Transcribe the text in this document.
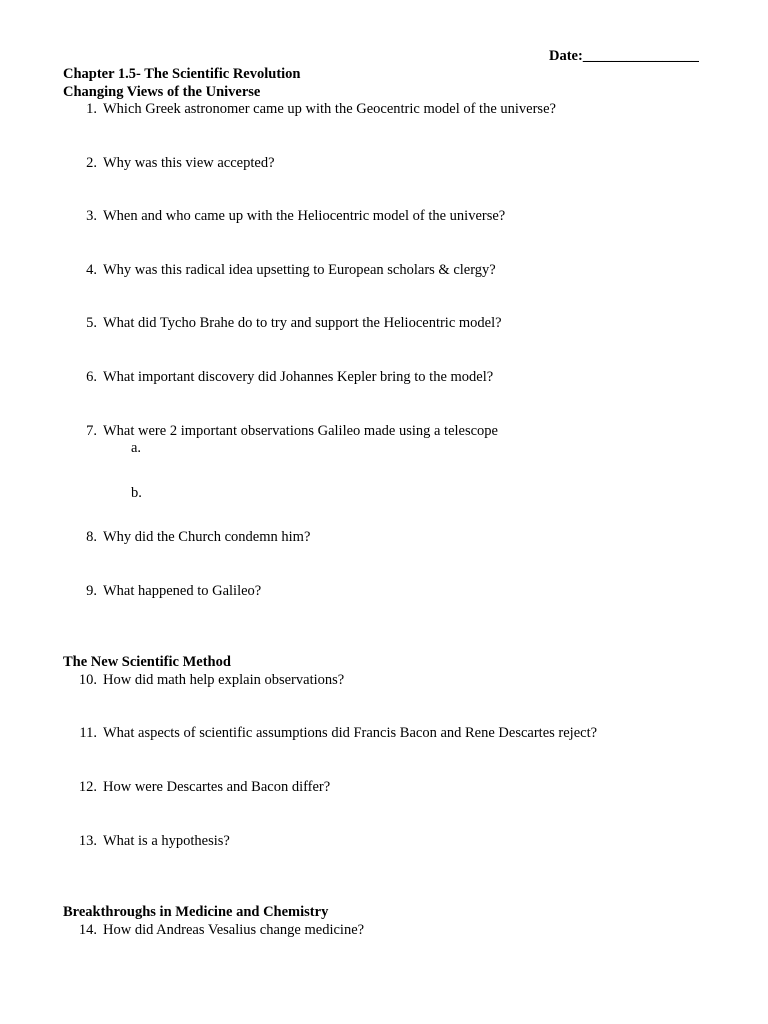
Date:________________
Chapter 1.5- The Scientific Revolution
Changing Views of the Universe
1. Which Greek astronomer came up with the Geocentric model of the universe?
2. Why was this view accepted?
3. When and who came up with the Heliocentric model of the universe?
4. Why was this radical idea upsetting to European scholars & clergy?
5. What did Tycho Brahe do to try and support the Heliocentric model?
6. What important discovery did Johannes Kepler bring to the model?
7. What were 2 important observations Galileo made using a telescope
a.
b.
8. Why did the Church condemn him?
9. What happened to Galileo?
The New Scientific Method
10. How did math help explain observations?
11. What aspects of scientific assumptions did Francis Bacon and Rene Descartes reject?
12. How were Descartes and Bacon differ?
13. What is a hypothesis?
Breakthroughs in Medicine and Chemistry
14. How did Andreas Vesalius change medicine?
